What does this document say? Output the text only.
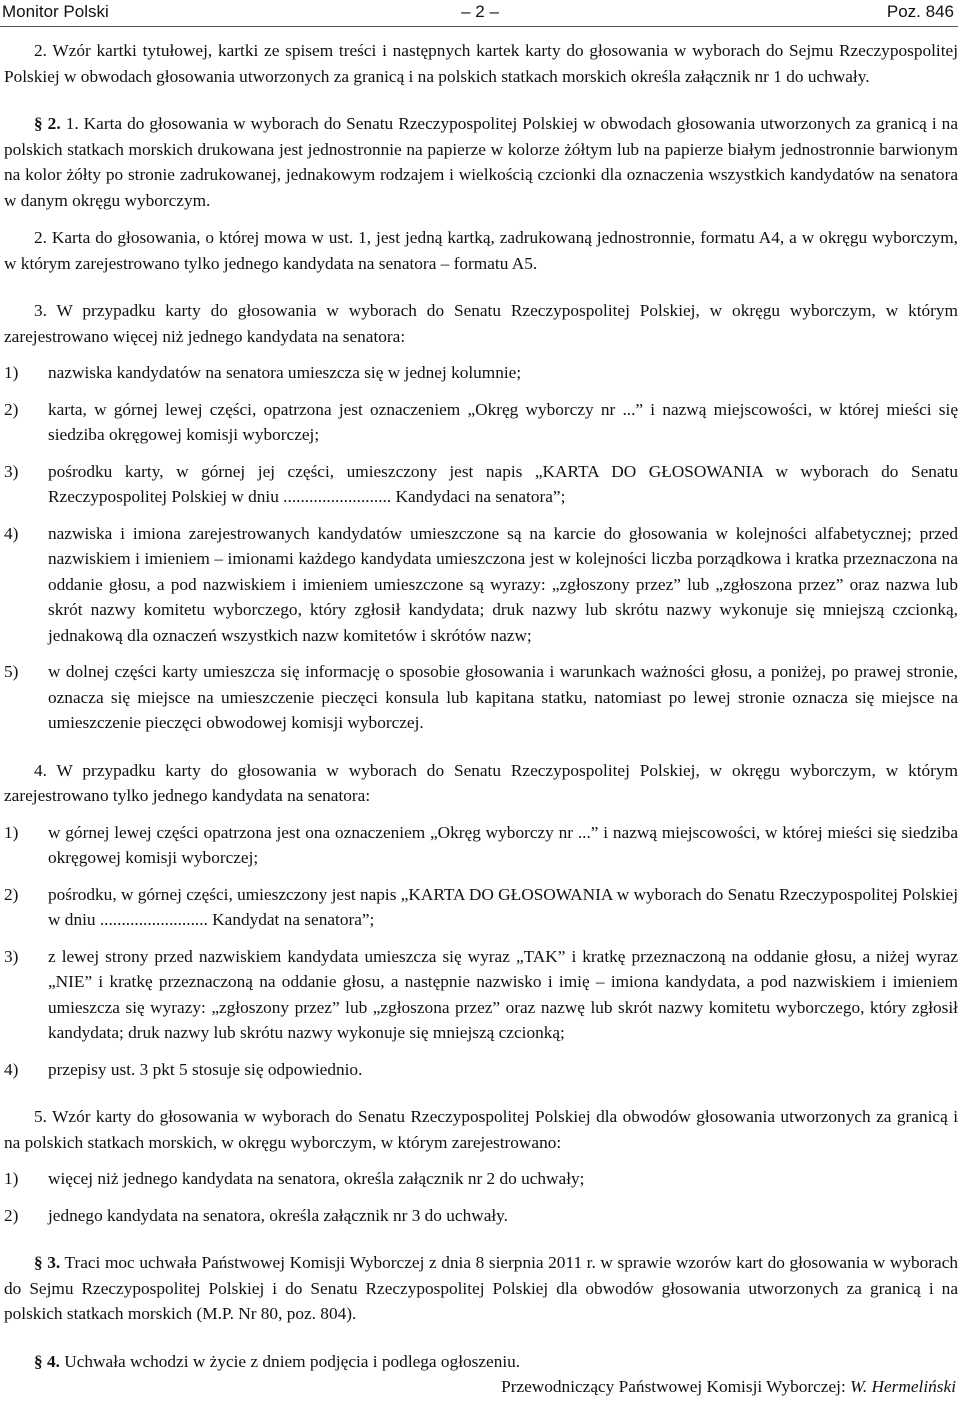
Monitor Polski	– 2 –	Poz. 846

2. Wzór kartki tytułowej, kartki ze spisem treści i następnych kartek karty do głosowania w wyborach do Sejmu Rzeczypospolitej Polskiej w obwodach głosowania utworzonych za granicą i na polskich statkach morskich określa załącznik nr 1 do uchwały.

§ 2. 1. Karta do głosowania w wyborach do Senatu Rzeczypospolitej Polskiej w obwodach głosowania utworzonych za granicą i na polskich statkach morskich drukowana jest jednostronnie na papierze w kolorze żółtym lub na papierze białym jednostronnie barwionym na kolor żółty po stronie zadrukowanej, jednakowym rodzajem i wielkością czcionki dla oznaczenia wszystkich kandydatów na senatora w danym okręgu wyborczym.

2. Karta do głosowania, o której mowa w ust. 1, jest jedną kartką, zadrukowaną jednostronnie, formatu A4, a w okręgu wyborczym, w którym zarejestrowano tylko jednego kandydata na senatora – formatu A5.

3. W przypadku karty do głosowania w wyborach do Senatu Rzeczypospolitej Polskiej, w okręgu wyborczym, w którym zarejestrowano więcej niż jednego kandydata na senatora:

1) nazwiska kandydatów na senatora umieszcza się w jednej kolumnie;
2) karta, w górnej lewej części, opatrzona jest oznaczeniem „Okręg wyborczy nr ...” i nazwą miejscowości, w której mieści się siedziba okręgowej komisji wyborczej;
3) pośrodku karty, w górnej jej części, umieszczony jest napis „KARTA DO GŁOSOWANIA w wyborach do Senatu Rzeczypospolitej Polskiej w dniu ......................... Kandydaci na senatora”;
4) nazwiska i imiona zarejestrowanych kandydatów umieszczone są na karcie do głosowania w kolejności alfabetycznej; przed nazwiskiem i imieniem – imionami każdego kandydata umieszczona jest w kolejności liczba porządkowa i kratka przeznaczona na oddanie głosu, a pod nazwiskiem i imieniem umieszczone są wyrazy: „zgłoszony przez” lub „zgłoszona przez” oraz nazwa lub skrót nazwy komitetu wyborczego, który zgłosił kandydata; druk nazwy lub skrótu nazwy wykonuje się mniejszą czcionką, jednakową dla oznaczeń wszystkich nazw komitetów i skrótów nazw;
5) w dolnej części karty umieszcza się informację o sposobie głosowania i warunkach ważności głosu, a poniżej, po prawej stronie, oznacza się miejsce na umieszczenie pieczęci konsula lub kapitana statku, natomiast po lewej stronie oznacza się miejsce na umieszczenie pieczęci obwodowej komisji wyborczej.

4. W przypadku karty do głosowania w wyborach do Senatu Rzeczypospolitej Polskiej, w okręgu wyborczym, w którym zarejestrowano tylko jednego kandydata na senatora:

1) w górnej lewej części opatrzona jest ona oznaczeniem „Okręg wyborczy nr ...” i nazwą miejscowości, w której mieści się siedziba okręgowej komisji wyborczej;
2) pośrodku, w górnej części, umieszczony jest napis „KARTA DO GŁOSOWANIA w wyborach do Senatu Rzeczypospolitej Polskiej w dniu ......................... Kandydat na senatora”;
3) z lewej strony przed nazwiskiem kandydata umieszcza się wyraz „TAK” i kratkę przeznaczoną na oddanie głosu, a niżej wyraz „NIE” i kratkę przeznaczoną na oddanie głosu, a następnie nazwisko i imię – imiona kandydata, a pod nazwiskiem i imieniem umieszcza się wyrazy: „zgłoszony przez” lub „zgłoszona przez” oraz nazwę lub skrót nazwy komitetu wyborczego, który zgłosił kandydata; druk nazwy lub skrótu nazwy wykonuje się mniejszą czcionką;
4) przepisy ust. 3 pkt 5 stosuje się odpowiednio.

5. Wzór karty do głosowania w wyborach do Senatu Rzeczypospolitej Polskiej dla obwodów głosowania utworzonych za granicą i na polskich statkach morskich, w okręgu wyborczym, w którym zarejestrowano:

1) więcej niż jednego kandydata na senatora, określa załącznik nr 2 do uchwały;
2) jednego kandydata na senatora, określa załącznik nr 3 do uchwały.

§ 3. Traci moc uchwała Państwowej Komisji Wyborczej z dnia 8 sierpnia 2011 r. w sprawie wzorów kart do głosowania w wyborach do Sejmu Rzeczypospolitej Polskiej i do Senatu Rzeczypospolitej Polskiej dla obwodów głosowania utworzonych za granicą i na polskich statkach morskich (M.P. Nr 80, poz. 804).

§ 4. Uchwała wchodzi w życie z dniem podjęcia i podlega ogłoszeniu.

Przewodniczący Państwowej Komisji Wyborczej: W. Hermeliński
